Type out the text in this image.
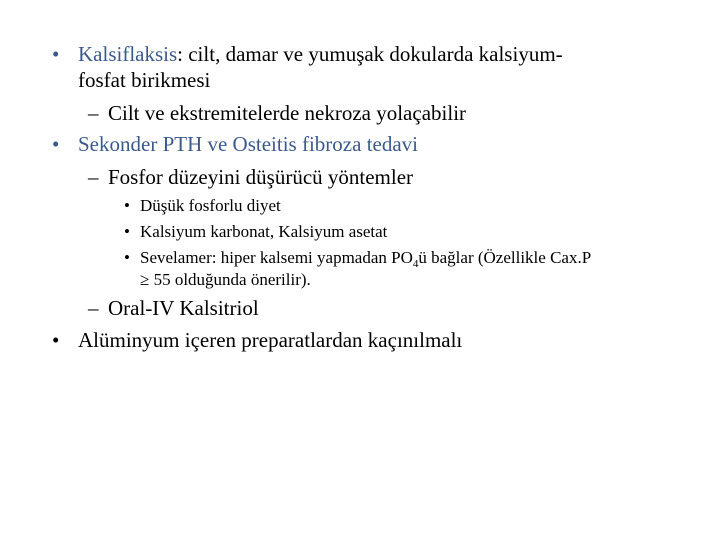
• Kalsiflaksis: cilt, damar ve yumuşak dokularda kalsiyum-
fosfat birikmesi
– Cilt ve ekstremitelerde nekroza yolaçabilir
• Sekonder PTH ve Osteitis fibroza tedavi
– Fosfor düzeyini düşürücü yöntemler
• Düşük fosforlu diyet
• Kalsiyum karbonat, Kalsiyum asetat
• Sevelamer: hiper kalsemi yapmadan $PO_4ü$ bağlar (Özellikle Cax.P
≥ 55 olduğunda önerilir).
– Oral-IV Kalsitriol
• Alüminyum içeren preparatlardan kaçınılmalı
